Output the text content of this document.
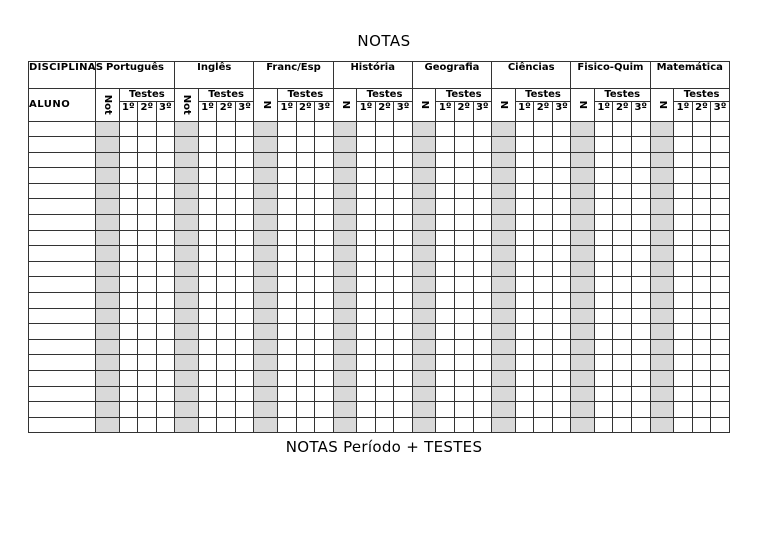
NOTAS
DISCIPLINAS	Português				Inglês				Franc/Esp				História				Geografia				Ciências				Fisico-Quim				Matemática			
ALUNO	Not	Testes			Not	Testes			N	Testes			N	Testes			N	Testes			N	Testes			N	Testes			N	Testes		
		1º	2º	3º		1º	2º	3º		1º	2º	3º		1º	2º	3º		1º	2º	3º		1º	2º	3º		1º	2º	3º		1º	2º	3º

NOTAS Período + TESTES
